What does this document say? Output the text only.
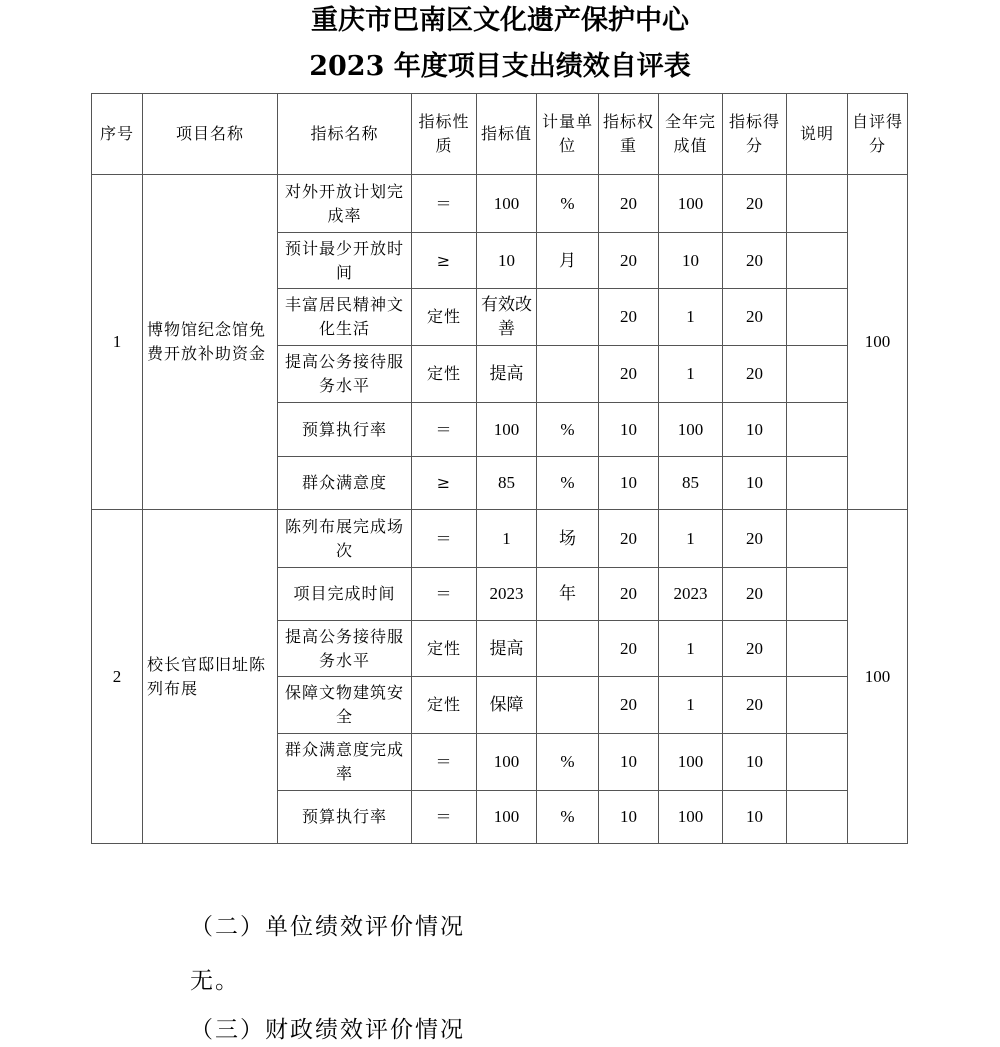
重庆市巴南区文化遗产保护中心
2023 年度项目支出绩效自评表
序号	项目名称	指标名称	指标性质	指标值	计量单位	指标权重	全年完成值	指标得分	说明	自评得分
1	博物馆纪念馆免费开放补助资金	对外开放计划完成率	＝	100	%	20	100	20		100
		预计最少开放时间	≥	10	月	20	10	20		
		丰富居民精神文化生活	定性	有效改善		20	1	20		
		提高公务接待服务水平	定性	提高		20	1	20		
		预算执行率	＝	100	%	10	100	10		
		群众满意度	≥	85	%	10	85	10		
2	校长官邸旧址陈列布展	陈列布展完成场次	＝	1	场	20	1	20		100
		项目完成时间	＝	2023	年	20	2023	20		
		提高公务接待服务水平	定性	提高		20	1	20		
		保障文物建筑安全	定性	保障		20	1	20		
		群众满意度完成率	＝	100	%	10	100	10		
		预算执行率	＝	100	%	10	100	10		
（二）单位绩效评价情况
无。
（三）财政绩效评价情况
